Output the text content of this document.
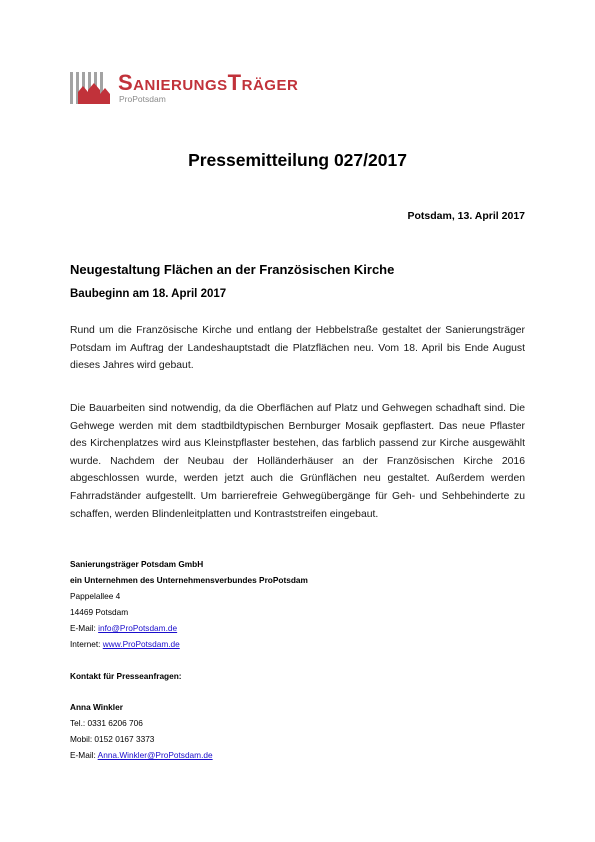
SanierungsTräger
ProPotsdam
Pressemitteilung 027/2017
Potsdam, 13. April 2017
Neugestaltung Flächen an der Französischen Kirche
Baubeginn am 18. April 2017

Rund um die Französische Kirche und entlang der Hebbelstraße gestaltet der Sanierungsträger Potsdam im Auftrag der Landeshauptstadt die Platzflächen neu. Vom 18. April bis Ende August dieses Jahres wird gebaut.

Die Bauarbeiten sind notwendig, da die Oberflächen auf Platz und Gehwegen schadhaft sind. Die Gehwege werden mit dem stadtbildtypischen Bernburger Mosaik gepflastert. Das neue Pflaster des Kirchenplatzes wird aus Kleinstpflaster bestehen, das farblich passend zur Kirche ausgewählt wurde. Nachdem der Neubau der Holländerhäuser an der Französischen Kirche 2016 abgeschlossen wurde, werden jetzt auch die Grünflächen neu gestaltet. Außerdem werden Fahrradständer aufgestellt. Um barrierefreie Gehwegübergänge für Geh- und Sehbehinderte zu schaffen, werden Blindenleitplatten und Kontraststreifen eingebaut.

Sanierungsträger Potsdam GmbH
ein Unternehmen des Unternehmensverbundes ProPotsdam
Pappelallee 4
14469 Potsdam
E-Mail: info@ProPotsdam.de
Internet: www.ProPotsdam.de
Kontakt für Presseanfragen:
Anna Winkler
Tel.: 0331 6206 706
Mobil: 0152 0167 3373
E-Mail: Anna.Winkler@ProPotsdam.de
